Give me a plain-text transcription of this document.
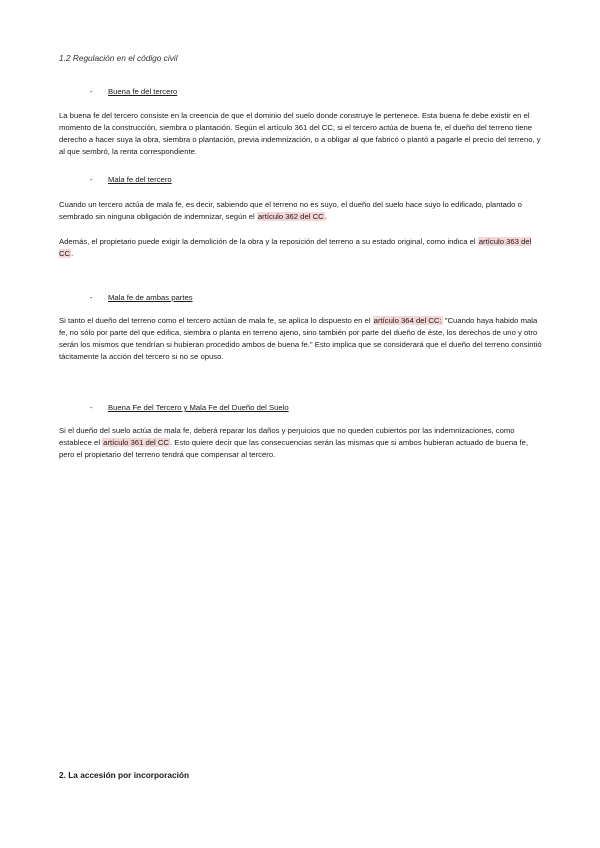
1.2 Regulación en el código civil
-	Buena fe del tercero

La buena fe del tercero consiste en la creencia de que el dominio del suelo donde construye le pertenece. Esta buena fe debe existir en el momento de la construcción, siembra o plantación. Según el artículo 361 del CC, si el tercero actúa de buena fe, el dueño del terreno tiene derecho a hacer suya la obra, siembra o plantación, previa indemnización, o a obligar al que fabricó o plantó a pagarle el precio del terreno, y al que sembró, la renta correspondiente.

-	Mala fe del tercero

Cuando un tercero actúa de mala fe, es decir, sabiendo que el terreno no es suyo, el dueño del suelo hace suyo lo edificado, plantado o sembrado sin ninguna obligación de indemnizar, según el artículo 362 del CC.

Además, el propietario puede exigir la demolición de la obra y la reposición del terreno a su estado original, como indica el artículo 363 del CC.

-	Mala fe de ambas partes

Si tanto el dueño del terreno como el tercero actúan de mala fe, se aplica lo dispuesto en el artículo 364 del CC: "Cuando haya habido mala fe, no sólo por parte del que edifica, siembra o planta en terreno ajeno, sino también por parte del dueño de éste, los derechos de uno y otro serán los mismos que tendrían si hubieran procedido ambos de buena fe." Esto implica que se considerará que el dueño del terreno consintió tácitamente la acción del tercero si no se opuso.

-	Buena Fe del Tercero y Mala Fe del Dueño del Suelo

Si el dueño del suelo actúa de mala fe, deberá reparar los daños y perjuicios que no queden cubiertos por las indemnizaciones, como establece el artículo 361 del CC. Esto quiere decir que las consecuencias serán las mismas que si ambos hubieran actuado de buena fe, pero el propietario del terreno tendrá que compensar al tercero.

2. La accesión por incorporación
